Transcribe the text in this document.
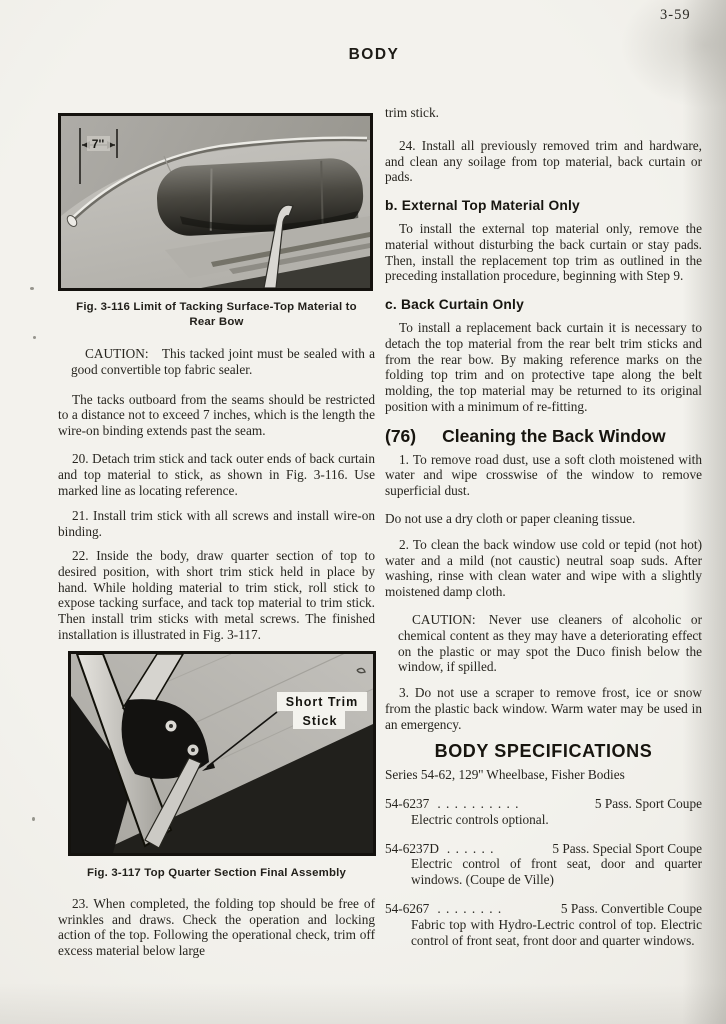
3-59
BODY
7''
Fig. 3-116 Limit of Tacking Surface-Top Material to
Rear Bow

CAUTION:  This tacked joint must be sealed with a good convertible top fabric sealer.

The tacks outboard from the seams should be restricted to a distance not to exceed 7 inches, which is the length the wire-on binding extends past the seam.

20. Detach trim stick and tack outer ends of back curtain and top material to stick, as shown in Fig. 3-116. Use marked line as locating reference.

21. Install trim stick with all screws and install wire-on binding.

22. Inside the body, draw quarter section of top to desired position, with short trim stick held in place by hand. While holding material to trim stick, roll stick to expose tacking surface, and tack top material to trim stick. Then install trim sticks with metal screws. The finished installation is illustrated in Fig. 3-117.

Short Trim
Stick
Fig. 3-117 Top Quarter Section Final Assembly

23. When completed, the folding top should be free of wrinkles and draws. Check the operation and locking action of the top. Following the operational check, trim off excess material below large

trim stick.

24. Install all previously removed trim and hardware, and clean any soilage from top material, back curtain or pads.

b. External Top Material Only

To install the external top material only, remove the material without disturbing the back curtain or stay pads. Then, install the replacement top trim as outlined in the preceding installation procedure, beginning with Step 9.

c. Back Curtain Only

To install a replacement back curtain it is necessary to detach the top material from the rear belt trim sticks and from the rear bow. By making reference marks on the folding top trim and on protective tape along the belt molding, the top material may be returned to its original position with a minimum of re-fitting.

(76) Cleaning the Back Window

1. To remove road dust, use a soft cloth moistened with water and wipe crosswise of the window to remove superficial dust.

Do not use a dry cloth or paper cleaning tissue.

2. To clean the back window use cold or tepid (not hot) water and a mild (not caustic) neutral soap suds. After washing, rinse with clean water and wipe with a slightly moistened damp cloth.

CAUTION:  Never use cleaners of alcoholic or chemical content as they may have a deteriorating effect on the plastic or may spot the Duco finish below the window, if spilled.

3. Do not use a scraper to remove frost, ice or snow from the plastic back window. Warm water may be used in an emergency.

BODY SPECIFICATIONS

Series 54-62, 129'' Wheelbase, Fisher Bodies

54-6237 . . . . . . . . . .	5 Pass. Sport Coupe
Electric controls optional.
54-6237D . . . . . .	5 Pass. Special Sport Coupe
Electric control of front seat, door and quarter windows. (Coupe de Ville)
54-6267 . . . . . . . .	5 Pass. Convertible Coupe
Fabric top with Hydro-Lectric control of top. Electric control of front seat, front door and quarter windows.
